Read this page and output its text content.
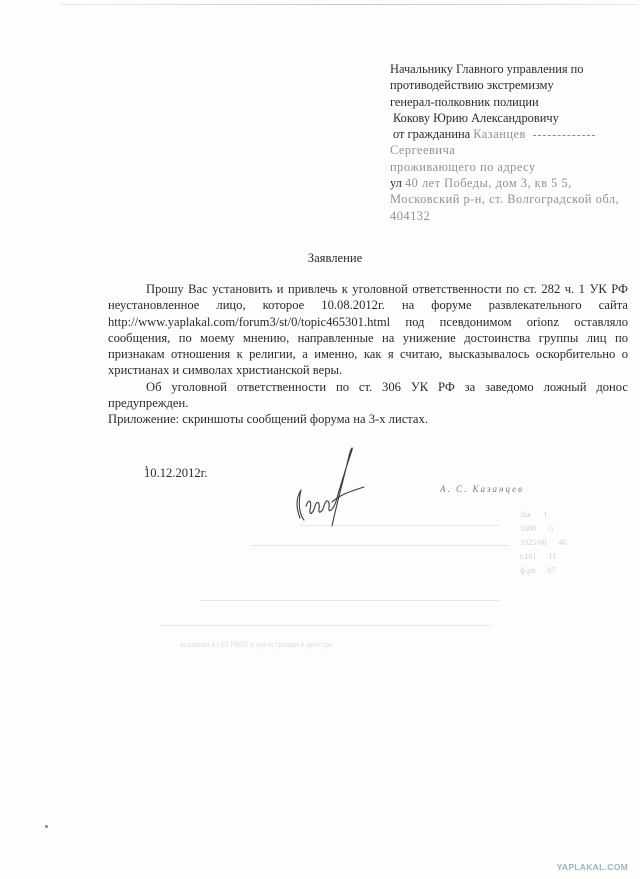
Начальнику Главного управления по
противодействию экстремизму
генерал-полковник полиции
Кокову Юрию Александровичу
от гражданина Казанцев
Сергеевича
проживающего по адресу
ул 40 лет Победы, дом 3, кв 5 5,
Московский р-н, ст. Волгоградской обл,
404132
Заявление

Прошу Вас установить и привлечь к уголовной ответственности по ст. 282 ч. 1 УК РФ неустановленное лицо, которое 10.08.2012г. на форуме развлекательного сайта http://www.yaplakal.com/forum3/st/0/topic465301.html под псевдонимом orionz оставляло сообщения, по моему мнению, направленные на унижение достоинства группы лиц по признакам отношения к религии, а именно, как я считаю, высказывалось оскорбительно о христианах и символах христианской веры.

Об уголовной ответственности по ст. 306 УК РФ за заведомо ложный донос предупрежден.

Приложение: скриншоты сообщений форума на 3-х листах.
,
10.12.2012г.
А. С. Казанцев
Зак 1
1008 G
1025-08 40
г.101 11
ф.рн 07
выписки из ЕГРЮЛ о регистрации в реестре
YAPLAKAL.COM
